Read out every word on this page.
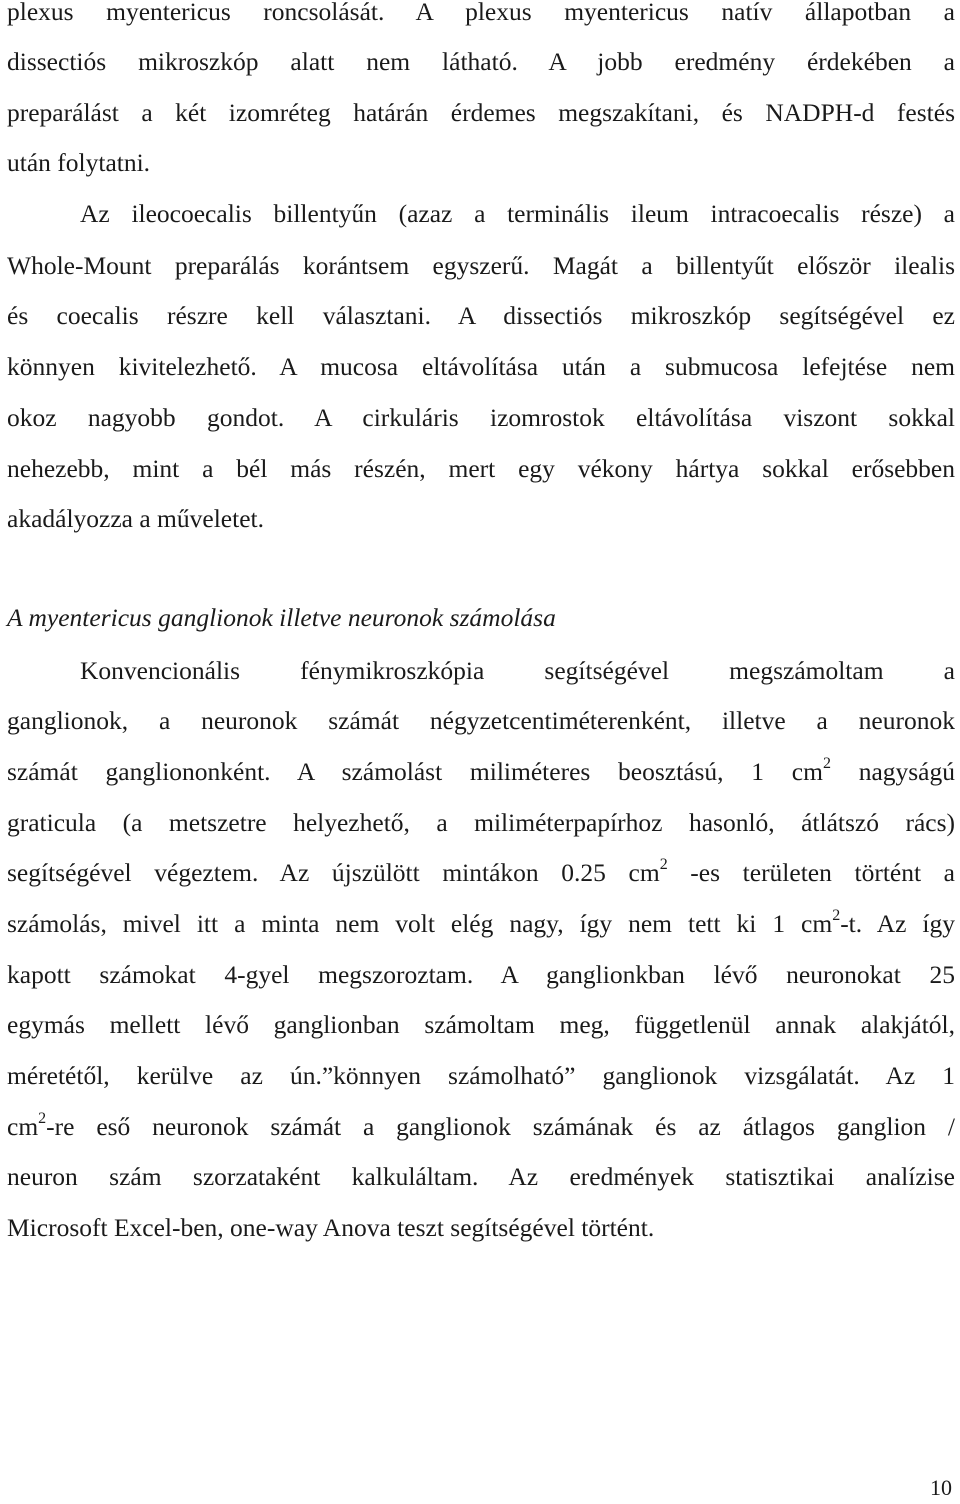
plexus myentericus roncsolását. A plexus myentericus natív állapotban a
dissectiós mikroszkóp alatt nem látható. A jobb eredmény érdekében a
preparálást a két izomréteg határán érdemes megszakítani, és NADPH-d festés
után folytatni.
Az ileocoecalis billentyűn (azaz a terminális ileum intracoecalis része) a
Whole-Mount preparálás korántsem egyszerű. Magát a billentyűt először ilealis
és coecalis részre kell választani. A dissectiós mikroszkóp segítségével ez
könnyen kivitelezhető. A mucosa eltávolítása után a submucosa lefejtése nem
okoz nagyobb gondot. A cirkuláris izomrostok eltávolítása viszont sokkal
nehezebb, mint a bél más részén, mert egy vékony hártya sokkal erősebben
akadályozza a műveletet.
A myentericus ganglionok illetve neuronok számolása
Konvencionális fénymikroszkópia segítségével megszámoltam a
ganglionok, a neuronok számát négyzetcentiméterenként, illetve a neuronok
számát gangliononként. A számolást miliméteres beosztású, 1 $cm^2$ nagyságú
graticula (a metszetre helyezhető, a miliméterpapírhoz hasonló, átlátszó rács)
segítségével végeztem. Az újszülött mintákon 0.25 $cm^2$ -es területen történt a
számolás, mivel itt a minta nem volt elég nagy, így nem tett ki 1 $cm^2-t$. Az így
kapott számokat 4-gyel megszoroztam. A ganglionkban lévő neuronokat 25
egymás mellett lévő ganglionban számoltam meg, függetlenül annak alakjától,
méretétől, kerülve az ún.”könnyen számolható” ganglionok vizsgálatát. Az 1
$cm^2-re$ eső neuronok számát a ganglionok számának és az átlagos ganglion /
neuron szám szorzataként kalkuláltam. Az eredmények statisztikai analízise
Microsoft Excel-ben, one-way Anova teszt segítségével történt.
10
